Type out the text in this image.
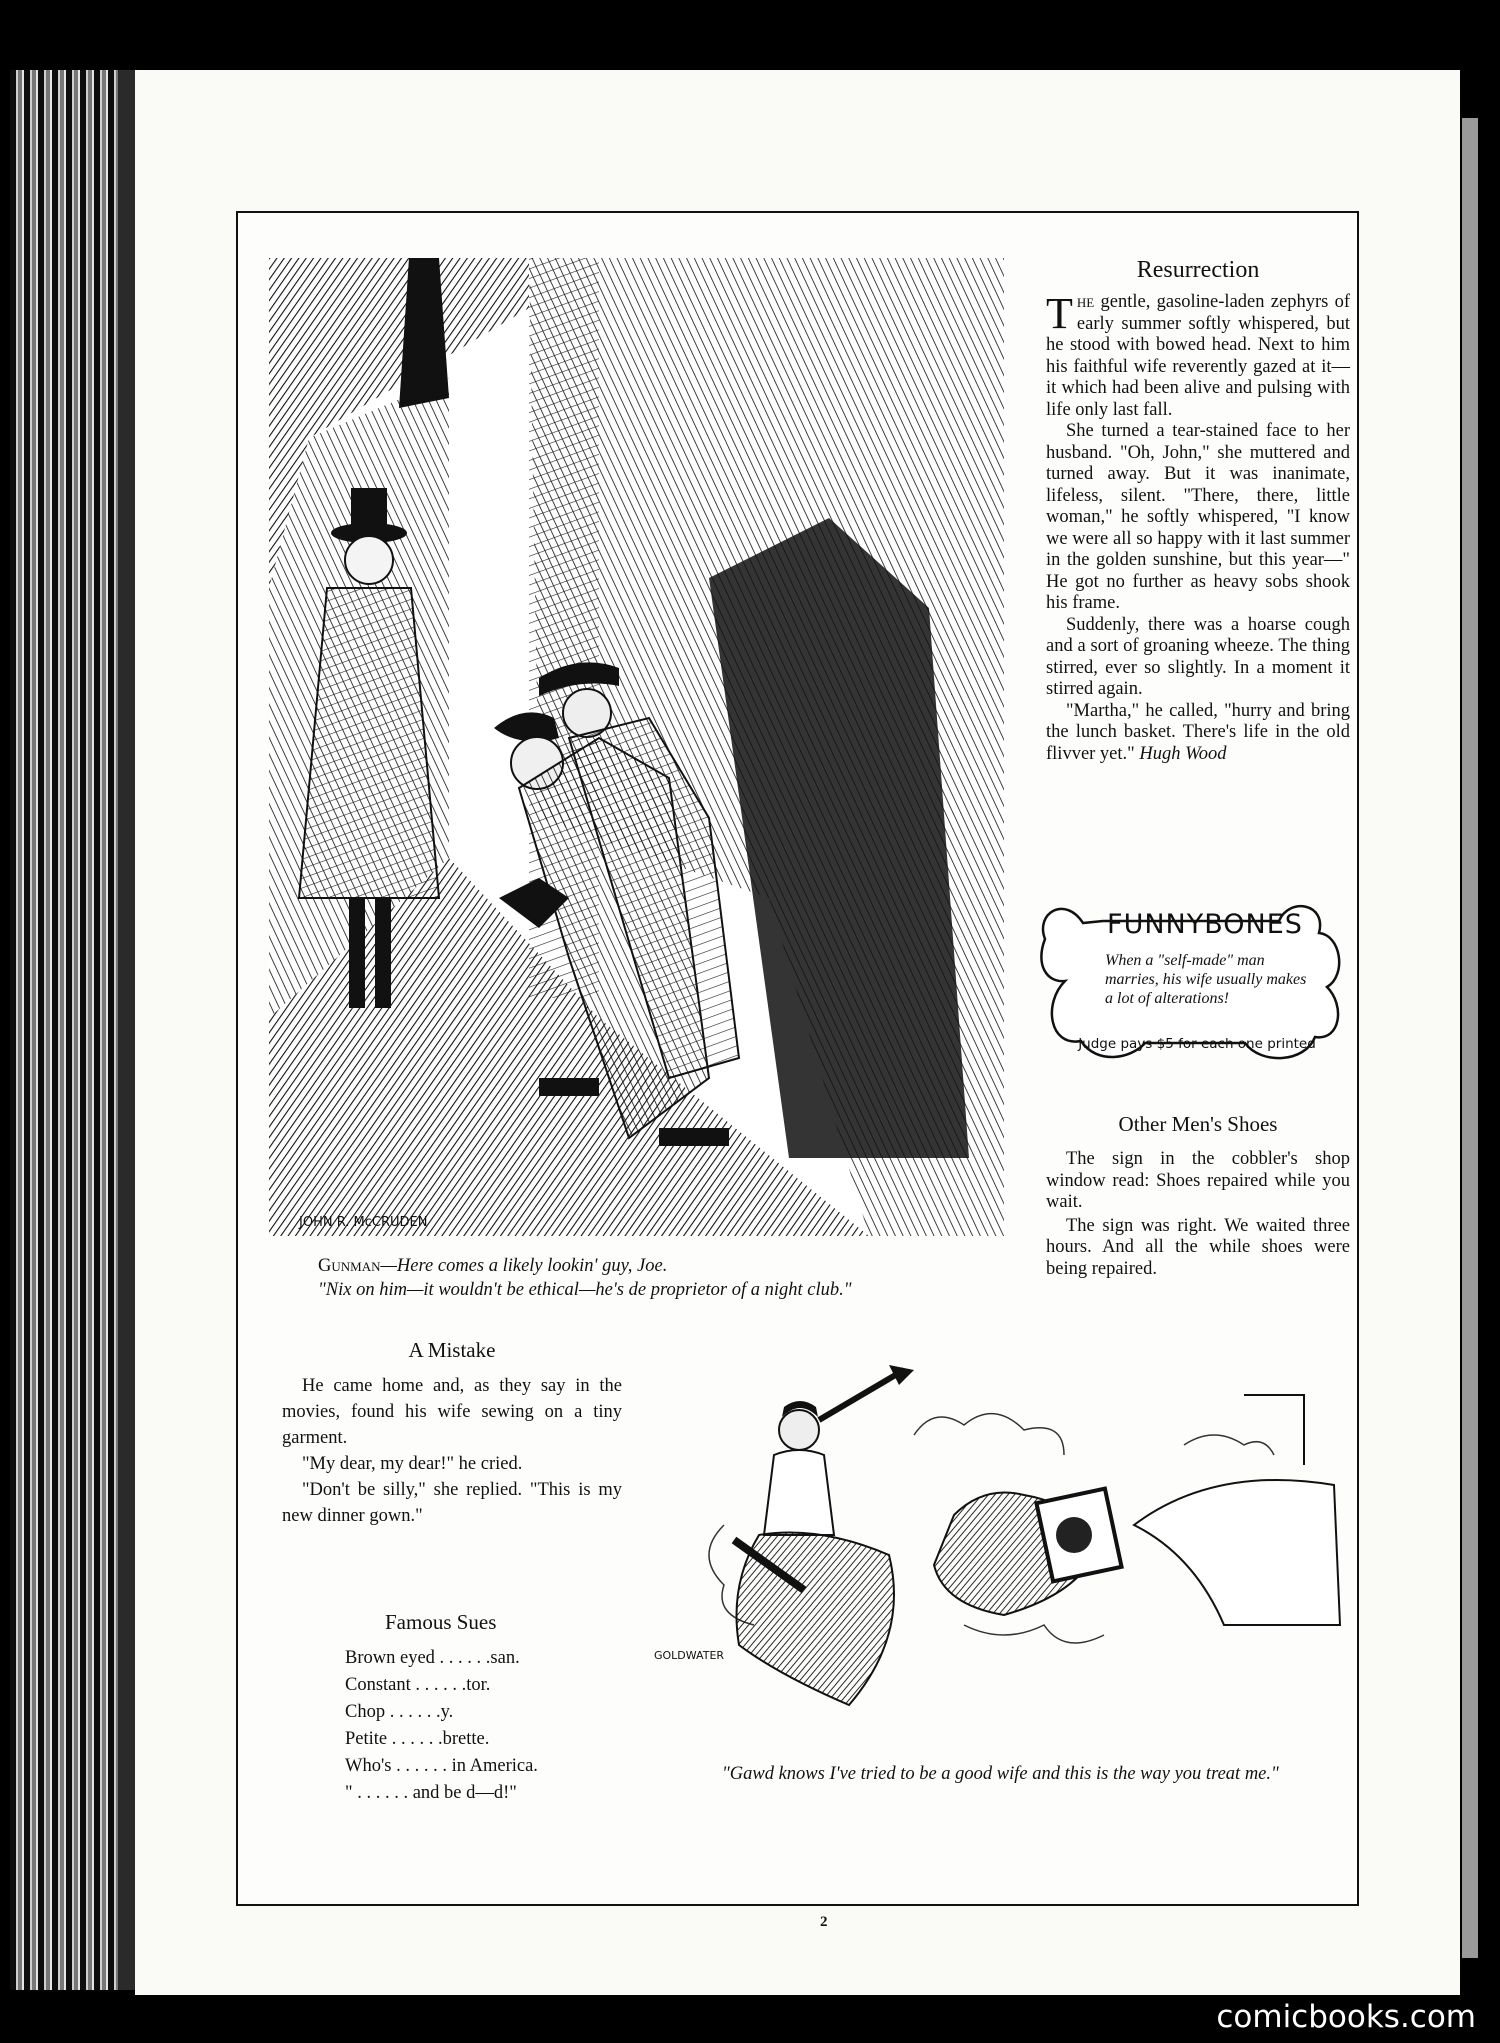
JOHN R. McCRUDEN
Gunman—Here comes a likely lookin' guy, Joe.
"Nix on him—it wouldn't be ethical—he's de proprietor of a night club."
Resurrection

The gentle, gasoline-laden zephyrs of early summer softly whispered, but he stood with bowed head. Next to him his faithful wife reverently gazed at it—it which had been alive and pulsing with life only last fall.

She turned a tear-stained face to her husband. "Oh, John," she muttered and turned away. But it was inanimate, lifeless, silent. "There, there, little woman," he softly whispered, "I know we were all so happy with it last summer in the golden sunshine, but this year—" He got no further as heavy sobs shook his frame.

Suddenly, there was a hoarse cough and a sort of groaning wheeze. The thing stirred, ever so slightly. In a moment it stirred again.

"Martha," he called, "hurry and bring the lunch basket. There's life in the old flivver yet." Hugh Wood

FUNNYBONES
When a "self-made" man marries, his wife usually makes a lot of alterations!
Judge pays $5 for each one printed
Other Men's Shoes

The sign in the cobbler's shop window read: Shoes repaired while you wait.

The sign was right. We waited three hours. And all the while shoes were being repaired.

A Mistake

He came home and, as they say in the movies, found his wife sewing on a tiny garment.

"My dear, my dear!" he cried.

"Don't be silly," she replied. "This is my new dinner gown."

Famous Sues
Brown eyed . . . . . .san.
Constant . . . . . .tor.
Chop . . . . . .y.
Petite . . . . . .brette.
Who's . . . . . . in America.
" . . . . . . and be d—d!"
GOLDWATER
"Gawd knows I've tried to be a good wife and this is the way you treat me."
2
comicbooks.com
